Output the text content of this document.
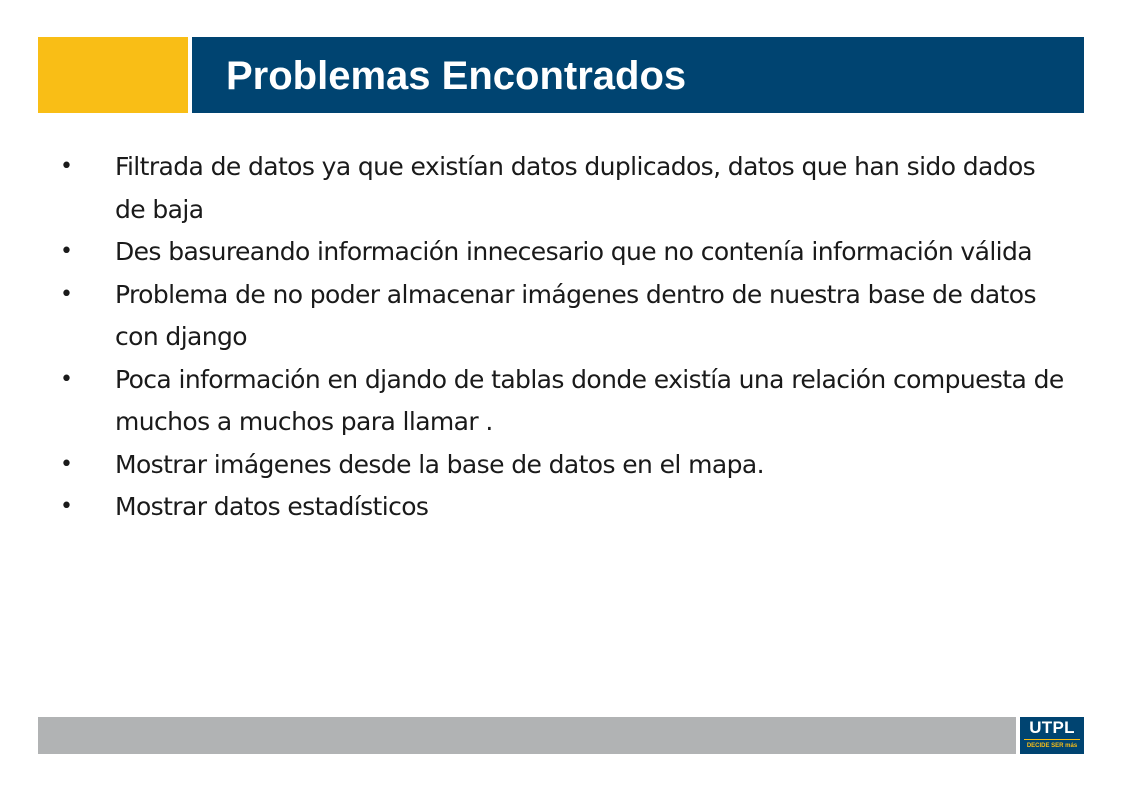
Problemas Encontrados
• Filtrada de datos ya que existían datos duplicados, datos que han sido dados de baja
• Des basureando información innecesario que no contenía información válida
• Problema de no poder almacenar imágenes dentro de nuestra base de datos con django
• Poca información en djando de tablas donde existía una relación compuesta de muchos a muchos para llamar .
• Mostrar imágenes desde la base de datos en el mapa.
• Mostrar datos estadísticos
UTPL
DECIDE SER más
